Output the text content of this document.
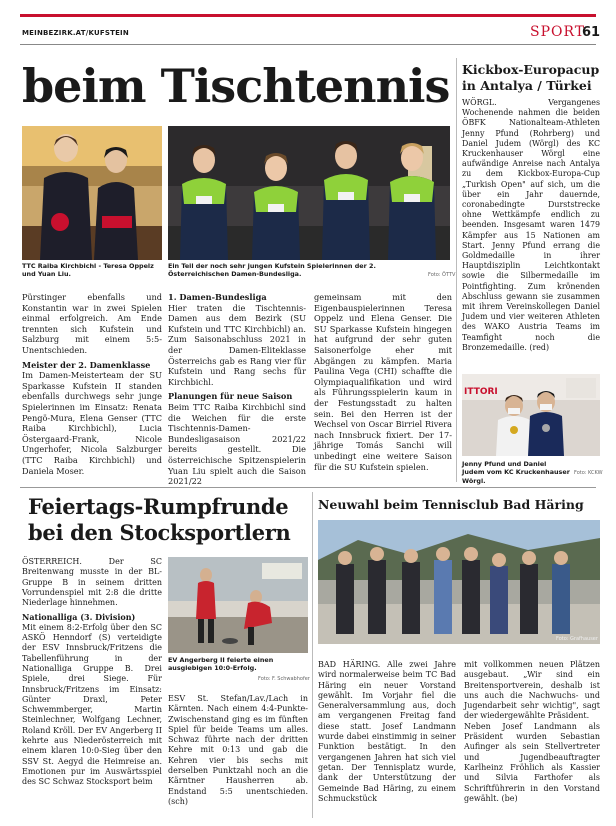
MEINBEZIRK.AT/KUFSTEIN	SPORT
61
beim Tischtennis
TTC Raiba Kirchbichl - Teresa Oppelz und Yuan Liu.
Ein Teil der noch sehr jungen Kufstein Spielerinnen der 2. Österreichischen Damen-Bundesliga.	Foto: ÖTTV

Pürstinger ebenfalls und Konstantin war in zwei Spielen einmal erfolgreich. Am Ende trennten sich Kufstein und Salzburg mit einem 5:5-Unentschieden.

Meister der 2. Damenklasse

Im Damen-Meisterteam der SU Sparkasse Kufstein II standen ebenfalls durchwegs sehr junge Spielerinnen im Einsatz: Renata Pengö-Mura, Elena Genser (TTC Raiba Kirchbichl), Lucia Östergaard-Frank, Nicole Ungerhofer, Nicola Salzburger (TTC Raiba Kirchbichl) und Daniela Moser.

1. Damen-Bundesliga

Hier traten die Tischtennis-Damen aus dem Bezirk (SU Kufstein und TTC Kirchbichl) an. Zum Saisonabschluss 2021 in der Damen-Eliteklasse Österreichs gab es Rang vier für Kufstein und Rang sechs für Kirchbichl.

Planungen für neue Saison

Beim TTC Raiba Kirchbichl sind die Weichen für die erste Tischtennis-Damen-Bundesligasaison 2021/22 bereits gestellt. Die österreichische Spitzenspielerin Yuan Liu spielt auch die Saison 2021/22

gemeinsam mit den Eigenbauspielerinnen Teresa Oppelz und Elena Genser. Die SU Sparkasse Kufstein hingegen hat aufgrund der sehr guten Saisonerfolge eher mit Abgängen zu kämpfen. Maria Paulina Vega (CHI) schaffte die Olympiaqualifikation und wird als Führungsspielerin kaum in der Festungsstadt zu halten sein. Bei den Herren ist der Wechsel von Oscar Birriel Rivera nach Innsbruck fixiert. Der 17-jährige Tomás Sanchi will unbedingt eine weitere Saison für die SU Kufstein spielen.

Kickbox-Europacup in Antalya / Türkei
WÖRGL. Vergangenes Wochenende nahmen die beiden ÖBFK Nationalteam-Athleten Jenny Pfund (Rohrberg) und Daniel Judem (Wörgl) des KC Kruckenhauser Wörgl eine aufwändige Anreise nach Antalya zu dem Kickbox-Europa-Cup „Turkish Open" auf sich, um die über ein Jahr dauernde, coronabedingte Durststrecke ohne Wettkämpfe endlich zu beenden. Insgesamt waren 1479 Kämpfer aus 15 Nationen am Start. Jenny Pfund errang die Goldmedaille in ihrer Hauptdisziplin Leichtkontakt sowie die Silbermedaille im Pointfighting. Zum krönenden Abschluss gewann sie zusammen mit ihrem Vereinskollegen Daniel Judem und vier weiteren Athleten des WAKO Austria Teams im Teamfight noch die Bronzemedaille. (red)
ITTORI
Jenny Pfund und Daniel Judem vom KC Kruckenhauser Wörgl.
Foto: KCKW
Feiertags-Rumpfrunde
bei den Stocksportlern

ÖSTERREICH. Der SC Breitenwang musste in der BL-Gruppe B in seinem dritten Vorrundenspiel mit 2:8 die dritte Niederlage hinnehmen.

Nationalliga (3. Division)

Mit einem 8:2-Erfolg über den SC ASKÖ Henndorf (S) verteidigte der ESV Innsbruck/Fritzens die Tabellenführung in der Nationalliga Gruppe B. Drei Spiele, drei Siege. Für Innsbruck/Fritzens im Einsatz: Günter Draxl, Peter Schwemmberger, Martin Steinlechner, Wolfgang Lechner, Roland Kröll. Der EV Angerberg II kehrte aus Niederösterreich mit einem klaren 10:0-Sieg über den SSV St. Aegyd die Heimreise an. Emotionen pur im Auswärtsspiel des SC Schwaz Stocksport beim

EV Angerberg II feierte einen ausgiebigen 10:0-Erfolg.
Foto: F. Schwabhofer

ESV St. Stefan/Lav./Lach in Kärnten. Nach einem 4:4-Punkte-Zwischenstand ging es im fünften Spiel für beide Teams um alles. Schwaz führte nach der dritten Kehre mit 0:13 und gab die Kehren vier bis sechs mit derselben Punktzahl noch an die Kärntner Hausherren ab. Endstand 5:5 unentschieden. (sch)

Neuwahl beim Tennisclub Bad Häring
Foto: Grafhauser

BAD HÄRING. Alle zwei Jahre wird normalerweise beim TC Bad Häring ein neuer Vorstand gewählt. Im Vorjahr fiel die Generalversammlung aus, doch am vergangenen Freitag fand diese statt. Josef Landmann wurde dabei einstimmig in seiner Funktion bestätigt. In den vergangenen Jahren hat sich viel getan. Der Tennisplatz wurde, dank der Unterstützung der Gemeinde Bad Häring, zu einem Schmuckstück

mit vollkommen neuen Plätzen ausgebaut. „Wir sind ein Breitensportverein, deshalb ist uns auch die Nachwuchs- und Jugendarbeit sehr wichtig", sagt der wiedergewählte Präsident.

Neben Josef Landmann als Präsident wurden Sebastian Aufinger als sein Stellvertreter und Jugendbeauftragter Karlheinz Fröhlich als Kassier und Silvia Farthofer als Schriftführerin in den Vorstand gewählt. (be)
